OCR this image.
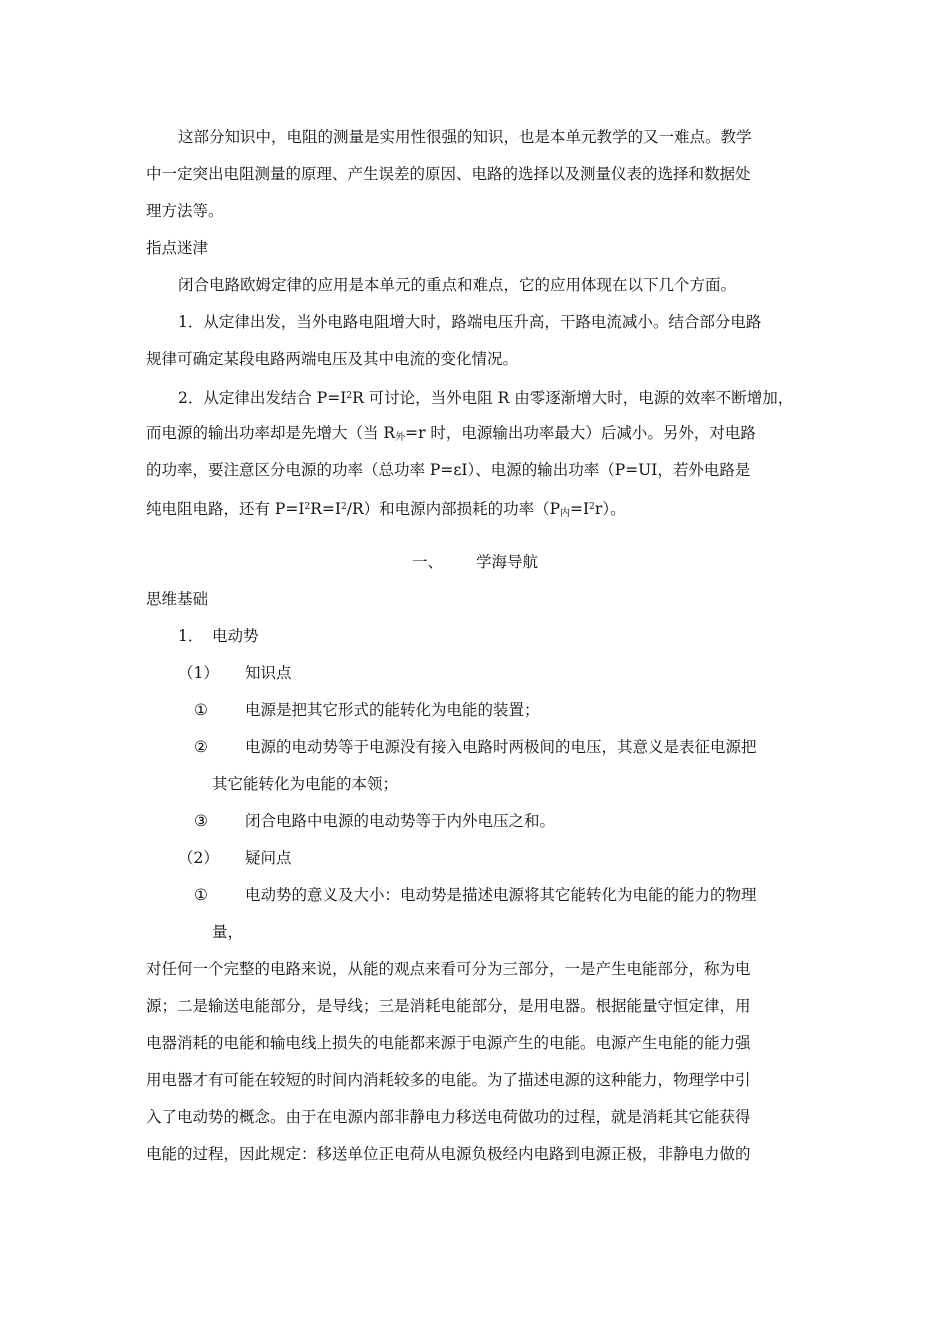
这部分知识中，电阻的测量是实用性很强的知识，也是本单元教学的又一难点。教学
中一定突出电阻测量的原理、产生误差的原因、电路的选择以及测量仪表的选择和数据处
理方法等。
指点迷津
闭合电路欧姆定律的应用是本单元的重点和难点，它的应用体现在以下几个方面。
1．从定律出发，当外电路电阻增大时，路端电压升高，干路电流减小。结合部分电路
规律可确定某段电路两端电压及其中电流的变化情况。
2．从定律出发结合 $P=I^2R$ 可讨论，当外电阻 R 由零逐渐增大时，电源的效率不断增加，
而电源的输出功率却是先增大（当 $R_外=r$ 时，电源输出功率最大）后减小。另外，对电路
的功率，要注意区分电源的功率（总功率 P=εI）、电源的输出功率（P=UI，若外电路是
纯电阻电路，还有 $P=I^2R=I^2/R$）和电源内部损耗的功率$(P_内=I^2r)$。
一、 学海导航
思维基础
1． 电动势
（1） 知识点
① 电源是把其它形式的能转化为电能的装置；
② 电源的电动势等于电源没有接入电路时两极间的电压，其意义是表征电源把
其它能转化为电能的本领；
③ 闭合电路中电源的电动势等于内外电压之和。
（2） 疑问点
① 电动势的意义及大小：电动势是描述电源将其它能转化为电能的能力的物理
量，
对任何一个完整的电路来说，从能的观点来看可分为三部分，一是产生电能部分，称为电
源；二是输送电能部分，是导线；三是消耗电能部分，是用电器。根据能量守恒定律，用
电器消耗的电能和输电线上损失的电能都来源于电源产生的电能。电源产生电能的能力强
用电器才有可能在较短的时间内消耗较多的电能。为了描述电源的这种能力，物理学中引
入了电动势的概念。由于在电源内部非静电力移送电荷做功的过程，就是消耗其它能获得
电能的过程，因此规定：移送单位正电荷从电源负极经内电路到电源正极，非静电力做的
